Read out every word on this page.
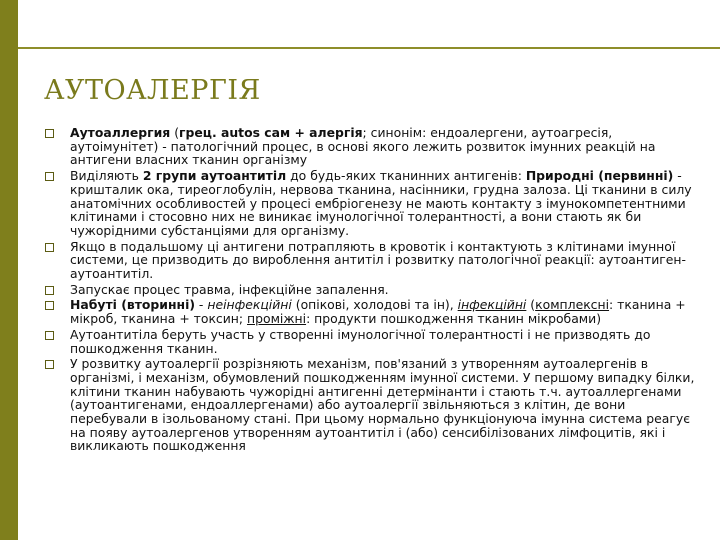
АУТОАЛЕРГІЯ
Аутоаллергия (грец. autos сам + алергія; синонім: ендоалергени, аутоагресія, аутоімунітет) - патологічний процес, в основі якого лежить розвиток імунних реакцій на антигени власних тканин організму
Виділяють 2 групи аутоантитіл до будь-яких тканинних антигенів: Природні (первинні) - кришталик ока, тиреоглобулін, нервова тканина, насінники, грудна залоза. Ці тканини в силу анатомічних особливостей у процесі ембріогенезу не мають контакту з імунокомпетентними клітинами і стосовно них не виникає імунологічної толерантності, а вони стають як би чужорідними субстанціями для організму.
Якщо в подальшому ці антигени потрапляють в кровотік і контактують з клітинами імунної системи, це призводить до вироблення антитіл і розвитку патологічної реакції: аутоантиген-аутоантитіл.
Запускає процес травма, інфекційне запалення.
Набуті (вторинні) - неінфекційні (опікові, холодові та ін), інфекційні (комплексні: тканина + мікроб, тканина + токсин; проміжні: продукти пошкодження тканин мікробами)
Аутоантитіла беруть участь у створенні імунологічної толерантності і не призводять до пошкодження тканин.
У розвитку аутоалергії розрізняють механізм, пов'язаний з утворенням аутоалергенів в організмі, і механізм, обумовлений пошкодженням імунної системи. У першому випадку білки, клітини тканин набувають чужорідні антигенні детермінанти і стають т.ч. аутоаллергенами (аутоантигенами, ендоаллергенами) або аутоалергії звільняються з клітин, де вони перебували в ізольованому стані. При цьому нормально функціонуюча імунна система реагує на появу аутоалергенов утворенням аутоантитіл і (або) сенсибілізованих лімфоцитів, які і викликають пошкодження
